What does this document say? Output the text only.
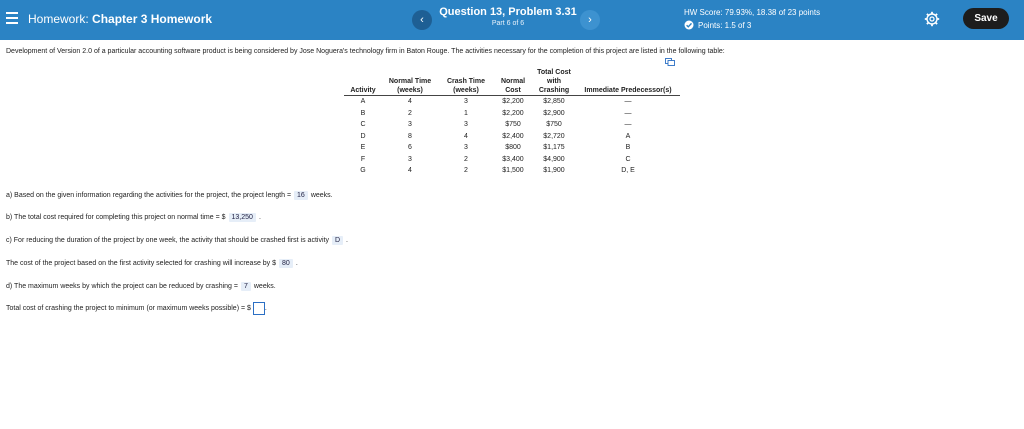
Homework: Chapter 3 Homework	‹
Question 13, Problem 3.31
Part 6 of 6	›
HW Score: 79.93%, 18.38 of 23 points
Points: 1.5 of 3
Save
Development of Version 2.0 of a particular accounting software product is being considered by Jose Noguera's technology firm in Baton Rouge. The activities necessary for the completion of this project are listed in the following table:
				Total Cost	
	Normal Time	Crash Time	Normal	with	
Activity	(weeks)	(weeks)	Cost	Crashing	Immediate Predecessor(s)
A	4	3	$2,200	$2,850	—
B	2	1	$2,200	$2,900	—
C	3	3	$750	$750	—
D	8	4	$2,400	$2,720	A
E	6	3	$800	$1,175	B
F	3	2	$3,400	$4,900	C
G	4	2	$1,500	$1,900	D, E
a) Based on the given information regarding the activities for the project, the project length = 16 weeks.
b) The total cost required for completing this project on normal time = $ 13,250 .
c) For reducing the duration of the project by one week, the activity that should be crashed first is activity D .
The cost of the project based on the first activity selected for crashing will increase by $ 80 .
d) The maximum weeks by which the project can be reduced by crashing = 7 weeks.
Total cost of crashing the project to minimum (or maximum weeks possible) = $ .
